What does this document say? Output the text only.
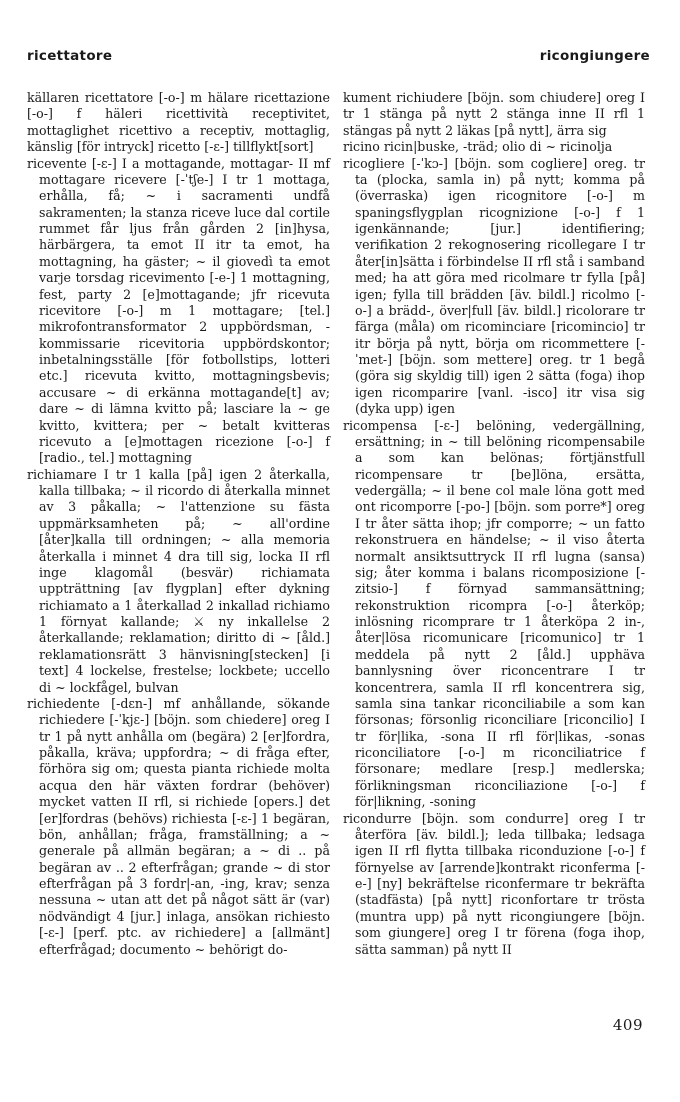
ricettatore	ricongiungere

källaren ricettatore [-o-] m hälare ricettazione [-o-] f häleri ricettività receptivitet, mottaglighet ricettivo a receptiv, mottaglig, känslig [för intryck] ricetto [-ɛ-] tillflykt[sort]

ricevente [-ɛ-] I a mottagande, mottagar- II mf mottagare ricevere [-ˈtʃe-] I tr 1 mottaga, erhålla, få; ~ i sacramenti undfå sakramenten; la stanza riceve luce dal cortile rummet får ljus från gården 2 [in]hysa, härbärgera, ta emot II itr ta emot, ha mottagning, ha gäster; ~ il giovedì ta emot varje torsdag ricevimento [-e-] 1 mottagning, fest, party 2 [e]mottagande; jfr ricevuta ricevitore [-o-] m 1 mottagare; [tel.] mikrofontransformator 2 uppbördsman, -kommissarie ricevitoria uppbördskontor; inbetalningsställe [för fotbollstips, lotteri etc.] ricevuta kvitto, mottagningsbevis; accusare ~ di erkänna mottagande[t] av; dare ~ di lämna kvitto på; lasciare la ~ ge kvitto, kvittera; per ~ betalt kvitteras ricevuto a [e]mottagen ricezione [-o-] f [radio., tel.] mottagning

richiamare I tr 1 kalla [på] igen 2 återkalla, kalla tillbaka; ~ il ricordo di återkalla minnet av 3 påkalla; ~ l'attenzione su fästa uppmärksamheten på; ~ all'ordine [åter]kalla till ordningen; ~ alla memoria återkalla i minnet 4 dra till sig, locka II rfl inge klagomål (besvär) richiamata uppträttning [av flygplan] efter dykning richiamato a 1 återkallad 2 inkallad richiamo 1 förnyat kallande; ⚔ ny inkallelse 2 återkallande; reklamation; diritto di ~ [åld.] reklamationsrätt 3 hänvisning[stecken] [i text] 4 lockelse, frestelse; lockbete; uccello di ~ lockfågel, bulvan

richiedente [-dɛn-] mf anhållande, sökande richiedere [-ˈkjɛ-] [böjn. som chiedere] oreg I tr 1 på nytt anhålla om (begära) 2 [er]fordra, påkalla, kräva; uppfordra; ~ di fråga efter, förhöra sig om; questa pianta richiede molta acqua den här växten fordrar (behöver) mycket vatten II rfl, si richiede [opers.] det [er]fordras (behövs) richiesta [-ɛ-] 1 begäran, bön, anhållan; fråga, framställning; a ~ generale på allmän begäran; a ~ di .. på begäran av .. 2 efterfrågan; grande ~ di stor efterfrågan på 3 fordr|-an, -ing, krav; senza nessuna ~ utan att det på något sätt är (var) nödvändigt 4 [jur.] inlaga, ansökan richiesto [-ɛ-] [perf. ptc. av richiedere] a [allmänt] efterfrågad; documento ~ behörigt do-

kument richiudere [böjn. som chiudere] oreg I tr 1 stänga på nytt 2 stänga inne II rfl 1 stängas på nytt 2 läkas [på nytt], ärra sig

ricino ricin|buske, -träd; olio di ~ ricinolja

ricogliere [-ˈkɔ-] [böjn. som cogliere] oreg. tr ta (plocka, samla in) på nytt; komma på (överraska) igen ricognitore [-o-] m spaningsflygplan ricognizione [-o-] f 1 igenkännande; [jur.] identifiering; verifikation 2 rekognosering ricollegare I tr åter[in]sätta i förbindelse II rfl stå i samband med; ha att göra med ricolmare tr fylla [på] igen; fylla till brädden [äv. bildl.] ricolmo [-o-] a brädd-, över|full [äv. bildl.] ricolorare tr färga (måla) om ricominciare [ricomincio] tr itr börja på nytt, börja om ricommettere [-ˈmet-] [böjn. som mettere] oreg. tr 1 begå (göra sig skyldig till) igen 2 sätta (foga) ihop igen ricomparire [vanl. -isco] itr visa sig (dyka upp) igen

ricompensa [-ɛ-] belöning, vedergällning, ersättning; in ~ till belöning ricompensabile a som kan belönas; förtjänstfull ricompensare tr [be]löna, ersätta, vedergälla; ~ il bene col male löna gott med ont ricomporre [-po-] [böjn. som porre*] oreg I tr åter sätta ihop; jfr comporre; ~ un fatto rekonstruera en händelse; ~ il viso återta normalt ansiktsuttryck II rfl lugna (sansa) sig; åter komma i balans ricomposizione [-zitsio-] f förnyad sammansättning; rekonstruktion ricompra [-o-] återköp; inlösning ricomprare tr 1 återköpa 2 in-, åter|lösa ricomunicare [ricomunico] tr 1 meddela på nytt 2 [åld.] upphäva bannlysning över riconcentrare I tr koncentrera, samla II rfl koncentrera sig, samla sina tankar riconciliabile a som kan försonas; försonlig riconciliare [riconcilio] I tr för|lika, -sona II rfl för|likas, -sonas riconciliatore [-o-] m riconciliatrice f försonare; medlare [resp.] medlerska; förlikningsman riconciliazione [-o-] f för|likning, -soning

ricondurre [böjn. som condurre] oreg I tr återföra [äv. bildl.]; leda tillbaka; ledsaga igen II rfl flytta tillbaka riconduzione [-o-] f förnyelse av [arrende]kontrakt riconferma [-e-] [ny] bekräftelse riconfermare tr bekräfta (stadfästa) [på nytt] riconfortare tr trösta (muntra upp) på nytt ricongiungere [böjn. som giungere] oreg I tr förena (foga ihop, sätta samman) på nytt II

409
